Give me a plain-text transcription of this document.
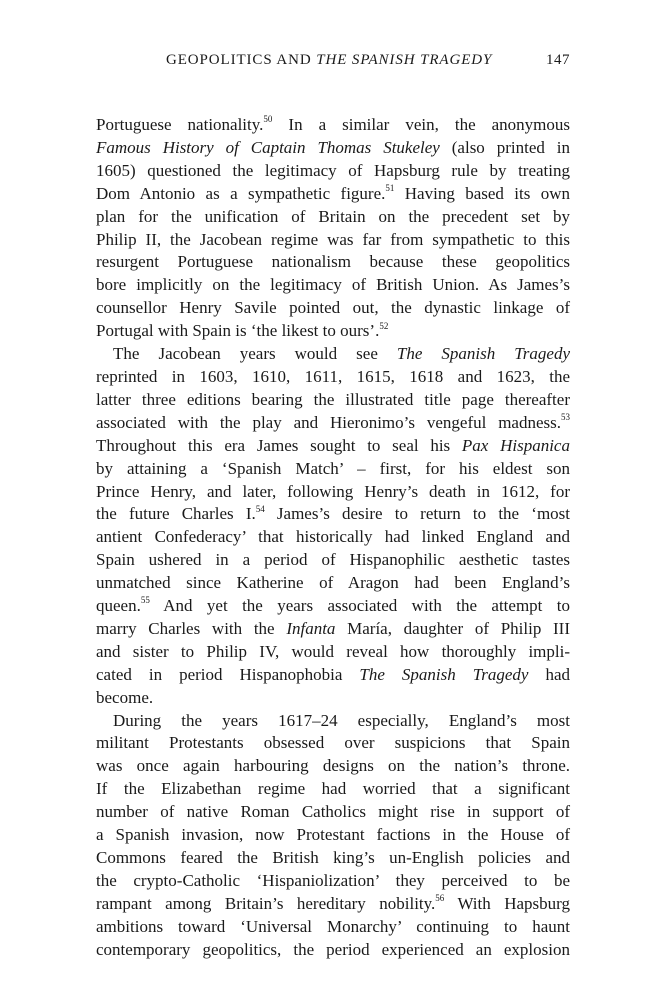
GEOPOLITICS AND THE SPANISH TRAGEDY	147

Portuguese nationality.$^{50}$ In a similar vein, the anonymous
Famous History of Captain Thomas Stukeley (also printed in
1605) questioned the legitimacy of Hapsburg rule by treating
Dom Antonio as a sympathetic figure.$^{51}$ Having based its own
plan for the unification of Britain on the precedent set by
Philip II, the Jacobean regime was far from sympathetic to this
resurgent Portuguese nationalism because these geopolitics
bore implicitly on the legitimacy of British Union. As James’s
counsellor Henry Savile pointed out, the dynastic linkage of
Portugal with Spain is ‘the likest to ours’.$^{52}$

The Jacobean years would see The Spanish Tragedy
reprinted in 1603, 1610, 1611, 1615, 1618 and 1623, the
latter three editions bearing the illustrated title page thereafter
associated with the play and Hieronimo’s vengeful madness.$^{53}$
Throughout this era James sought to seal his Pax Hispanica
by attaining a ‘Spanish Match’ – first, for his eldest son
Prince Henry, and later, following Henry’s death in 1612, for
the future Charles I.$^{54}$ James’s desire to return to the ‘most
antient Confederacy’ that historically had linked England and
Spain ushered in a period of Hispanophilic aesthetic tastes
unmatched since Katherine of Aragon had been England’s
queen.$^{55}$ And yet the years associated with the attempt to
marry Charles with the Infanta María, daughter of Philip III
and sister to Philip IV, would reveal how thoroughly impli-
cated in period Hispanophobia The Spanish Tragedy had
become.

During the years 1617–24 especially, England’s most
militant Protestants obsessed over suspicions that Spain
was once again harbouring designs on the nation’s throne.
If the Elizabethan regime had worried that a significant
number of native Roman Catholics might rise in support of
a Spanish invasion, now Protestant factions in the House of
Commons feared the British king’s un-English policies and
the crypto-Catholic ‘Hispaniolization’ they perceived to be
rampant among Britain’s hereditary nobility.$^{56}$ With Hapsburg
ambitions toward ‘Universal Monarchy’ continuing to haunt
contemporary geopolitics, the period experienced an explosion
